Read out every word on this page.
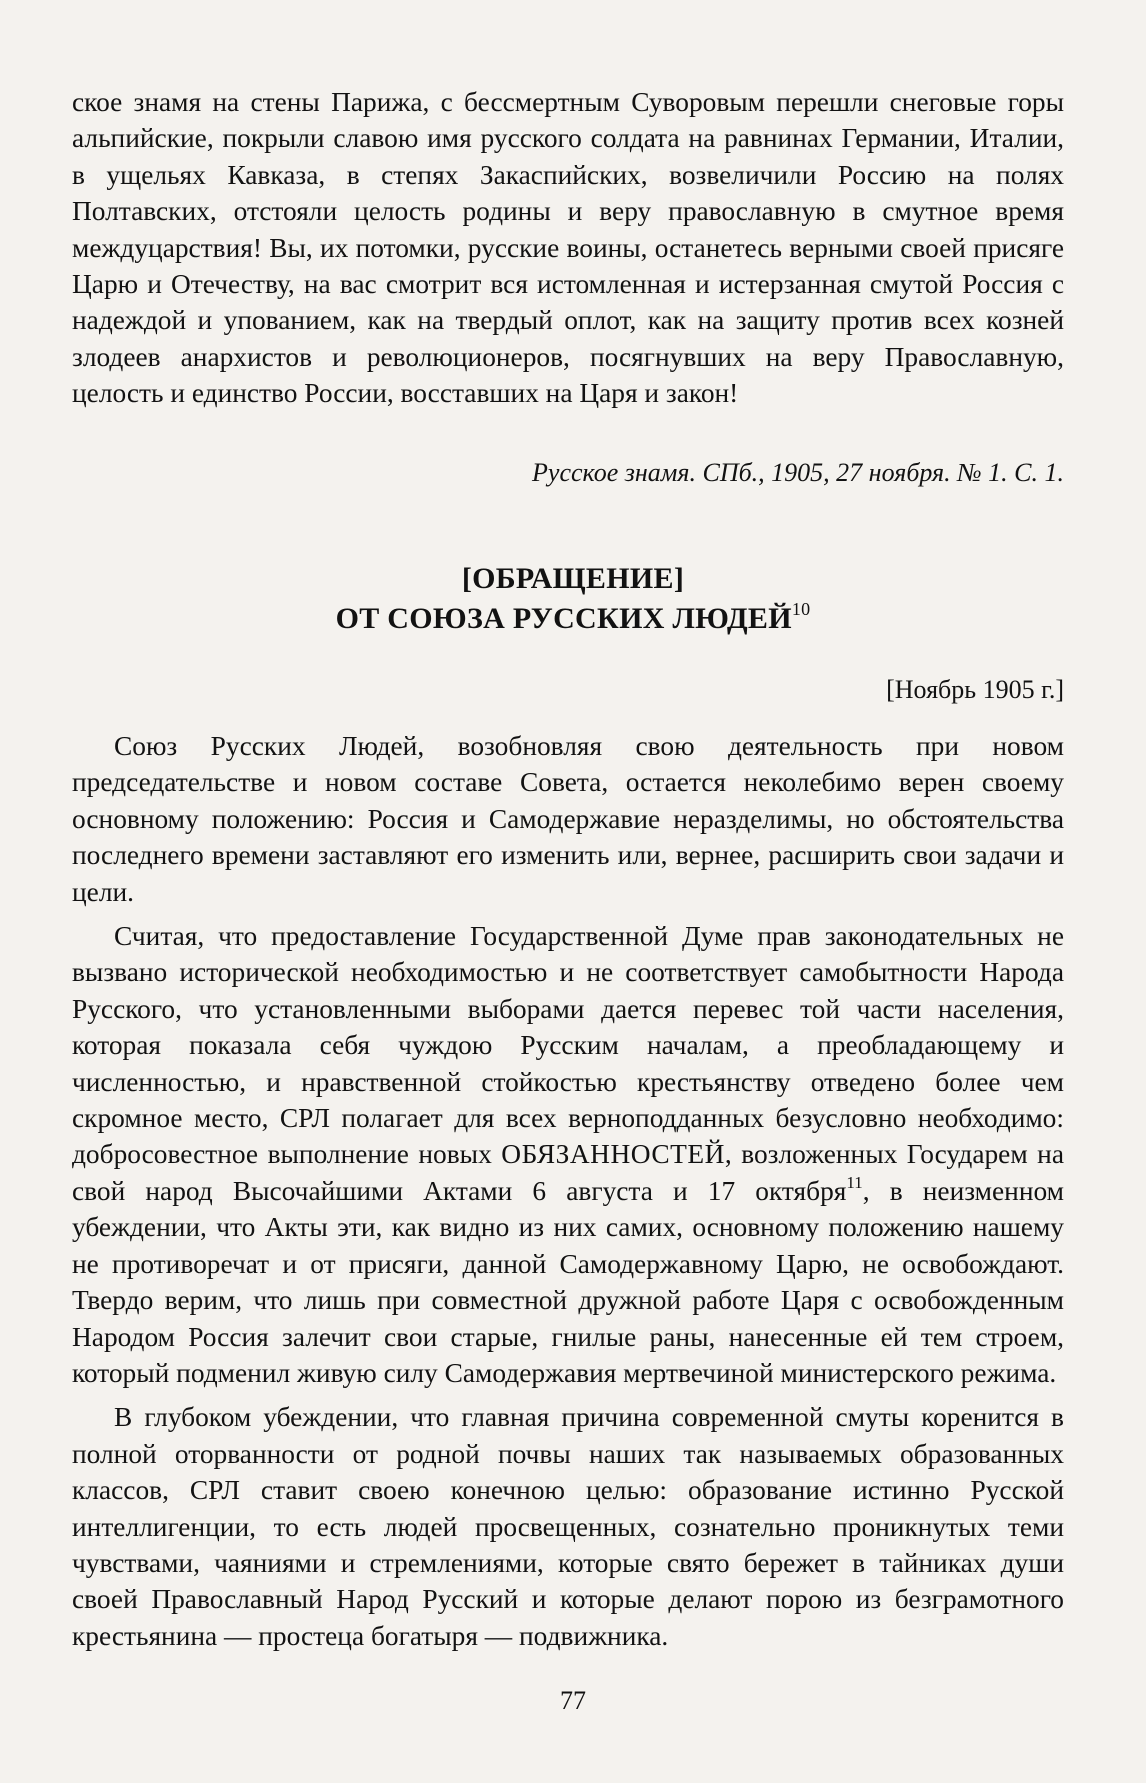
ское знамя на стены Парижа, с бессмертным Суворовым перешли снеговые горы альпийские, покрыли славою имя русского солдата на равнинах Германии, Италии, в ущельях Кавказа, в степях Закаспийских, возвеличили Россию на полях Полтавских, отстояли целость родины и веру православную в смутное время междуцарствия! Вы, их потомки, русские воины, останетесь верными своей присяге Царю и Отечеству, на вас смотрит вся истомленная и истерзанная смутой Россия с надеждой и упованием, как на твердый оплот, как на защиту против всех козней злодеев анархистов и революционеров, посягнувших на веру Православную, целость и единство России, восставших на Царя и закон!

Русское знамя. СПб., 1905, 27 ноября. № 1. С. 1.
[ОБРАЩЕНИЕ]
ОТ СОЮЗА РУССКИХ ЛЮДЕЙ$^{10}$
[Ноябрь 1905 г.]

Союз Русских Людей, возобновляя свою деятельность при новом председательстве и новом составе Совета, остается неколебимо верен своему основному положению: Россия и Самодержавие неразделимы, но обстоятельства последнего времени заставляют его изменить или, вернее, расширить свои задачи и цели.

Считая, что предоставление Государственной Думе прав законодательных не вызвано исторической необходимостью и не соответствует самобытности Народа Русского, что установленными выборами дается перевес той части населения, которая показала себя чуждою Русским началам, а преобладающему и численностью, и нравственной стойкостью крестьянству отведено более чем скромное место, СРЛ полагает для всех верноподданных безусловно необходимо: добросовестное выполнение новых ОБЯЗАННОСТЕЙ, возложенных Государем на свой народ Высочайшими Актами 6 августа и 17 октября$^{11}$, в неизменном убеждении, что Акты эти, как видно из них самих, основному положению нашему не противоречат и от присяги, данной Самодержавному Царю, не освобождают. Твердо верим, что лишь при совместной дружной работе Царя с освобожденным Народом Россия залечит свои старые, гнилые раны, нанесенные ей тем строем, который подменил живую силу Самодержавия мертвечиной министерского режима.

В глубоком убеждении, что главная причина современной смуты коренится в полной оторванности от родной почвы наших так называемых образованных классов, СРЛ ставит своею конечною целью: образование истинно Русской интеллигенции, то есть людей просвещенных, сознательно проникнутых теми чувствами, чаяниями и стремлениями, которые свято бережет в тайниках души своей Православный Народ Русский и которые делают порою из безграмотного крестьянина — простеца богатыря — подвижника.

77
